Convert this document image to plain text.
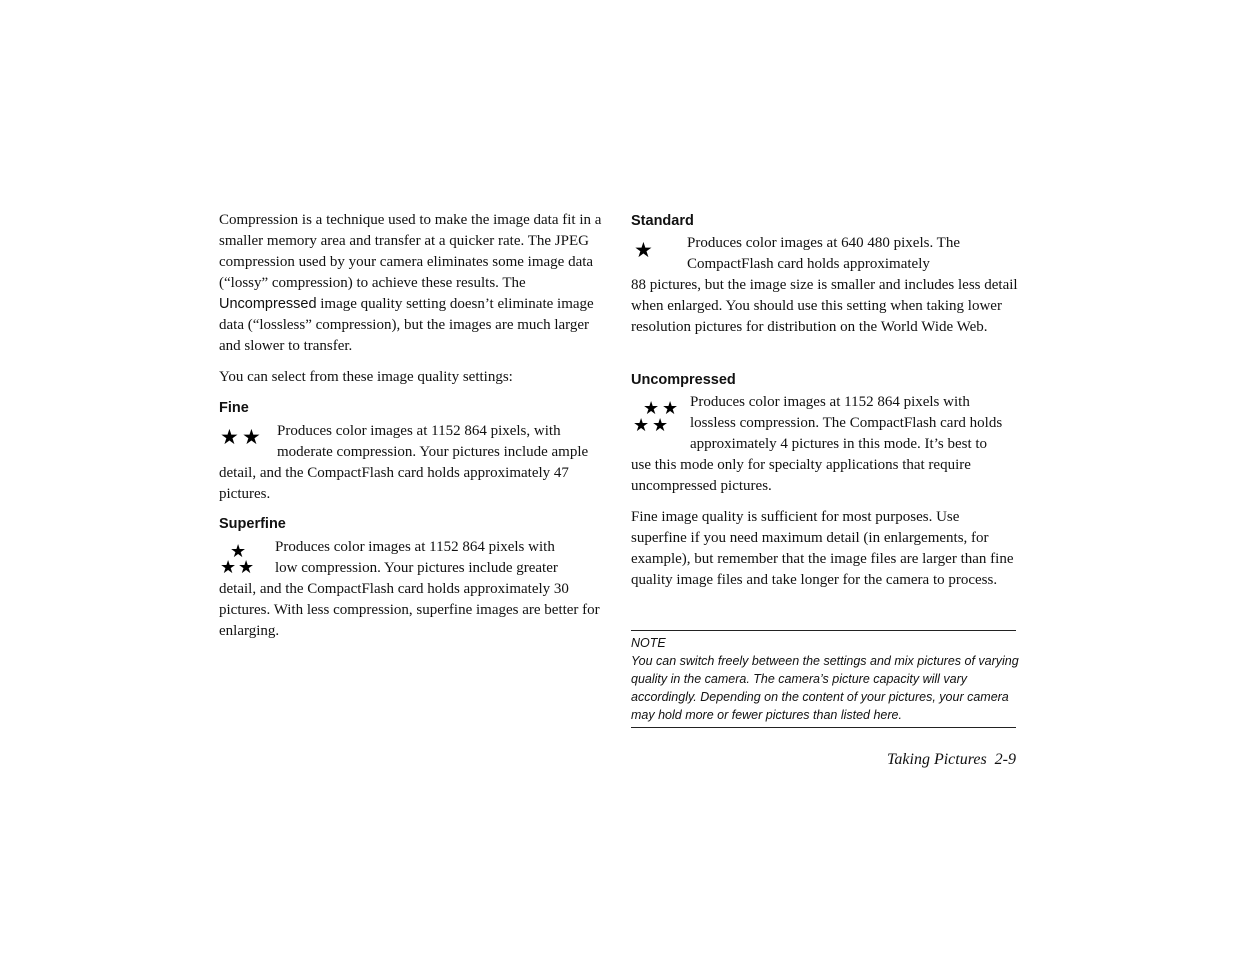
Compression is a technique used to make the image data fit in a smaller memory area and transfer at a quicker rate. The JPEG compression used by your camera eliminates some image data (“lossy” compression) to achieve these results. The Uncompressed image quality setting doesn’t eliminate image data (“lossless” compression), but the images are much larger and slower to transfer.

You can select from these image quality settings:

Fine
★ ★	Produces color images at 1152 864 pixels, with
moderate compression. Your pictures include ample
detail, and the CompactFlash card holds approximately 47 pictures.

Superfine
★
★ ★

Produces color images at 1152 864 pixels with
low compression. Your pictures include greater
detail, and the CompactFlash card holds approximately 30 pictures. With less compression, superfine images are better for enlarging.

Standard
★	Produces color images at 640 480 pixels. The
CompactFlash card holds approximately
88 pictures, but the image size is smaller and includes less detail when enlarged. You should use this setting when taking lower resolution pictures for distribution on the World Wide Web.

Uncompressed
★ ★
★ ★

Produces color images at 1152 864 pixels with
lossless compression. The CompactFlash card holds
approximately 4 pictures in this mode. It’s best to
use this mode only for specialty applications that require uncompressed pictures.

Fine image quality is sufficient for most purposes. Use superfine if you need maximum detail (in enlargements, for example), but remember that the image files are larger than fine quality image files and take longer for the camera to process.

NOTE

You can switch freely between the settings and mix pictures of varying quality in the camera. The camera’s picture capacity will vary accordingly. Depending on the content of your pictures, your camera may hold more or fewer pictures than listed here.

Taking Pictures 2-9
